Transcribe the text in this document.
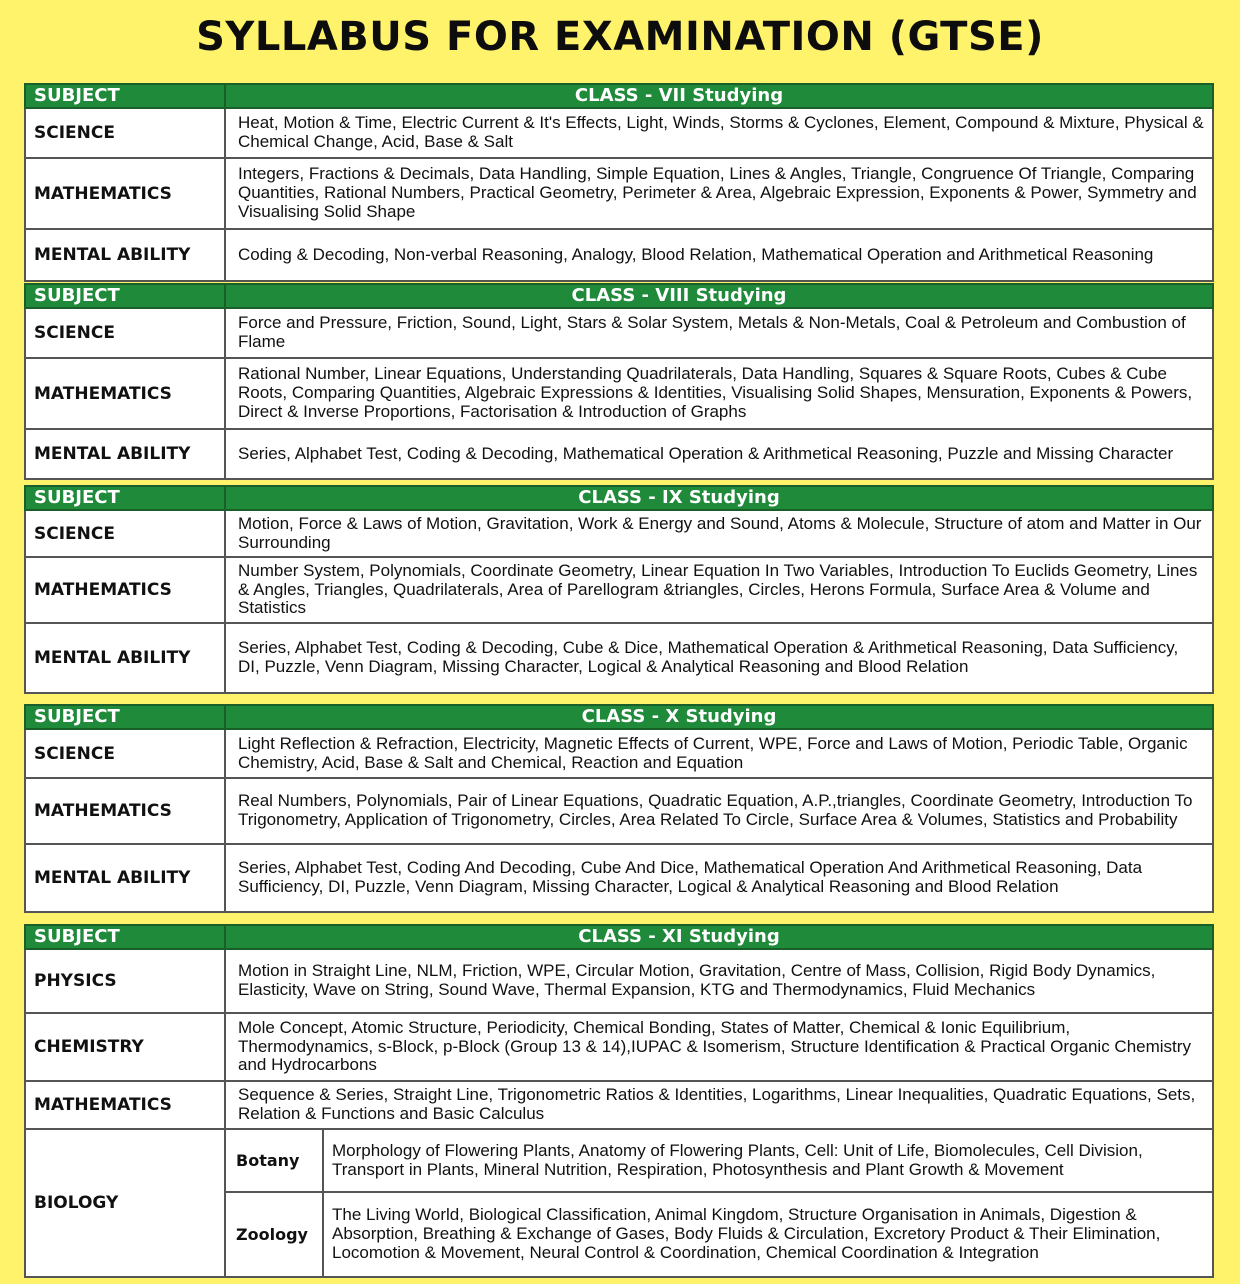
SYLLABUS FOR EXAMINATION (GTSE)
SUBJECT	CLASS - VII Studying
SCIENCE	Heat, Motion & Time, Electric Current & It's Effects, Light, Winds, Storms & Cyclones, Element, Compound & Mixture, Physical & Chemical Change, Acid, Base & Salt
MATHEMATICS	Integers, Fractions & Decimals, Data Handling, Simple Equation, Lines & Angles, Triangle, Congruence Of Triangle, Comparing Quantities, Rational Numbers, Practical Geometry, Perimeter & Area, Algebraic Expression, Exponents & Power, Symmetry and Visualising Solid Shape
MENTAL ABILITY	Coding & Decoding, Non-verbal Reasoning, Analogy, Blood Relation, Mathematical Operation and Arithmetical Reasoning
SUBJECT	CLASS - VIII Studying
SCIENCE	Force and Pressure, Friction, Sound, Light, Stars & Solar System, Metals & Non-Metals, Coal & Petroleum and Combustion of Flame
MATHEMATICS	Rational Number, Linear Equations, Understanding Quadrilaterals, Data Handling, Squares & Square Roots, Cubes & Cube Roots, Comparing Quantities, Algebraic Expressions & Identities, Visualising Solid Shapes, Mensuration, Exponents & Powers, Direct & Inverse Proportions, Factorisation & Introduction of Graphs
MENTAL ABILITY	Series, Alphabet Test, Coding & Decoding, Mathematical Operation & Arithmetical Reasoning, Puzzle and Missing Character
SUBJECT	CLASS - IX Studying
SCIENCE	Motion, Force & Laws of Motion, Gravitation, Work & Energy and Sound, Atoms & Molecule, Structure of atom and Matter in Our Surrounding
MATHEMATICS	Number System, Polynomials, Coordinate Geometry, Linear Equation In Two Variables, Introduction To Euclids Geometry, Lines & Angles, Triangles, Quadrilaterals, Area of Parellogram &triangles, Circles, Herons Formula, Surface Area & Volume and Statistics
MENTAL ABILITY	Series, Alphabet Test, Coding & Decoding, Cube & Dice, Mathematical Operation & Arithmetical Reasoning, Data Sufficiency, DI, Puzzle, Venn Diagram, Missing Character, Logical & Analytical Reasoning and Blood Relation
SUBJECT	CLASS - X Studying
SCIENCE	Light Reflection & Refraction, Electricity, Magnetic Effects of Current, WPE, Force and Laws of Motion, Periodic Table, Organic Chemistry, Acid, Base & Salt and Chemical, Reaction and Equation
MATHEMATICS	Real Numbers, Polynomials, Pair of Linear Equations, Quadratic Equation, A.P.,triangles, Coordinate Geometry, Introduction To Trigonometry, Application of Trigonometry, Circles, Area Related To Circle, Surface Area & Volumes, Statistics and Probability
MENTAL ABILITY	Series, Alphabet Test, Coding And Decoding, Cube And Dice, Mathematical Operation And Arithmetical Reasoning, Data Sufficiency, DI, Puzzle, Venn Diagram, Missing Character, Logical & Analytical Reasoning and Blood Relation
SUBJECT	CLASS - XI Studying
PHYSICS	Motion in Straight Line, NLM, Friction, WPE, Circular Motion, Gravitation, Centre of Mass, Collision, Rigid Body Dynamics, Elasticity, Wave on String, Sound Wave, Thermal Expansion, KTG and Thermodynamics, Fluid Mechanics
CHEMISTRY	Mole Concept, Atomic Structure, Periodicity, Chemical Bonding, States of Matter, Chemical & Ionic Equilibrium, Thermodynamics, s-Block, p-Block (Group 13 & 14),IUPAC & Isomerism, Structure Identification & Practical Organic Chemistry and Hydrocarbons
MATHEMATICS	Sequence & Series, Straight Line, Trigonometric Ratios & Identities, Logarithms, Linear Inequalities, Quadratic Equations, Sets, Relation & Functions and Basic Calculus
BIOLOGY	
Botany	Morphology of Flowering Plants, Anatomy of Flowering Plants, Cell: Unit of Life, Biomolecules, Cell Division, Transport in Plants, Mineral Nutrition, Respiration, Photosynthesis and Plant Growth & Movement
Zoology	The Living World, Biological Classification, Animal Kingdom, Structure Organisation in Animals, Digestion & Absorption, Breathing & Exchange of Gases, Body Fluids & Circulation, Excretory Product & Their Elimination, Locomotion & Movement, Neural Control & Coordination, Chemical Coordination & Integration
